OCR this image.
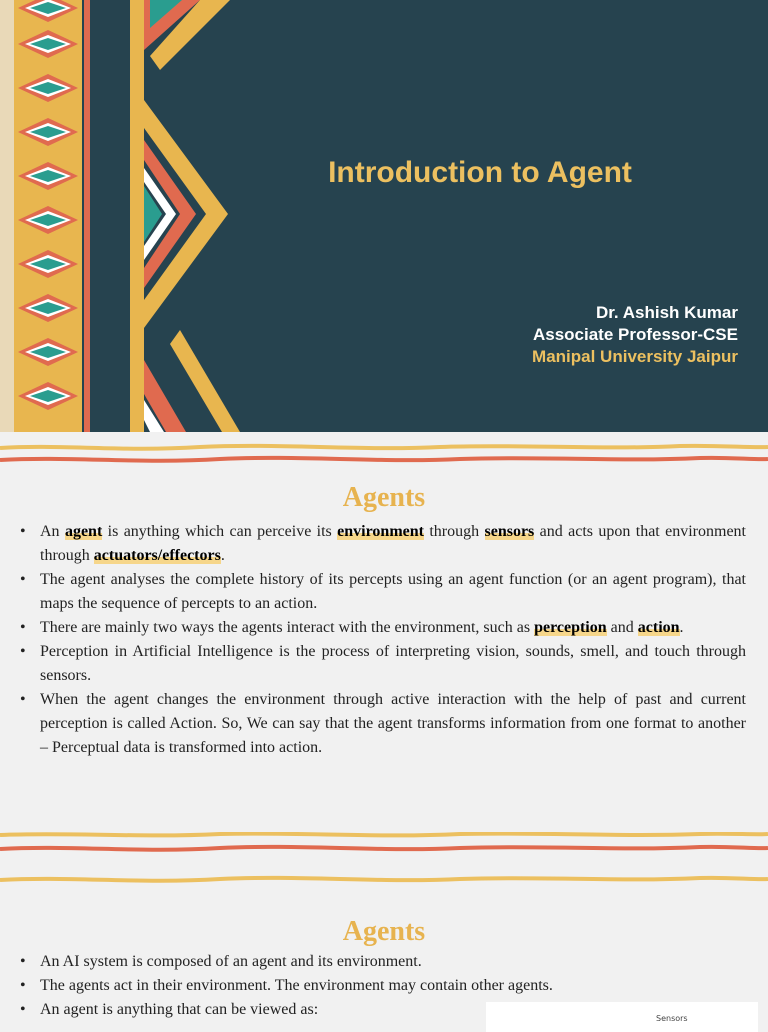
Introduction to Agent
Dr. Ashish Kumar
Associate Professor-CSE
Manipal University Jaipur
Agents
• An agent is anything which can perceive its environment through sensors and acts upon that environment through actuators/effectors.
• The agent analyses the complete history of its percepts using an agent function (or an agent program), that maps the sequence of percepts to an action.
• There are mainly two ways the agents interact with the environment, such as perception and action.
• Perception in Artificial Intelligence is the process of interpreting vision, sounds, smell, and touch through sensors.
• When the agent changes the environment through active interaction with the help of past and current perception is called Action. So, We can say that the agent transforms information from one format to another – Perceptual data is transformed into action.
Agents
• An AI system is composed of an agent and its environment.
• The agents act in their environment. The environment may contain other agents.
• An agent is anything that can be viewed as:
Sensors
